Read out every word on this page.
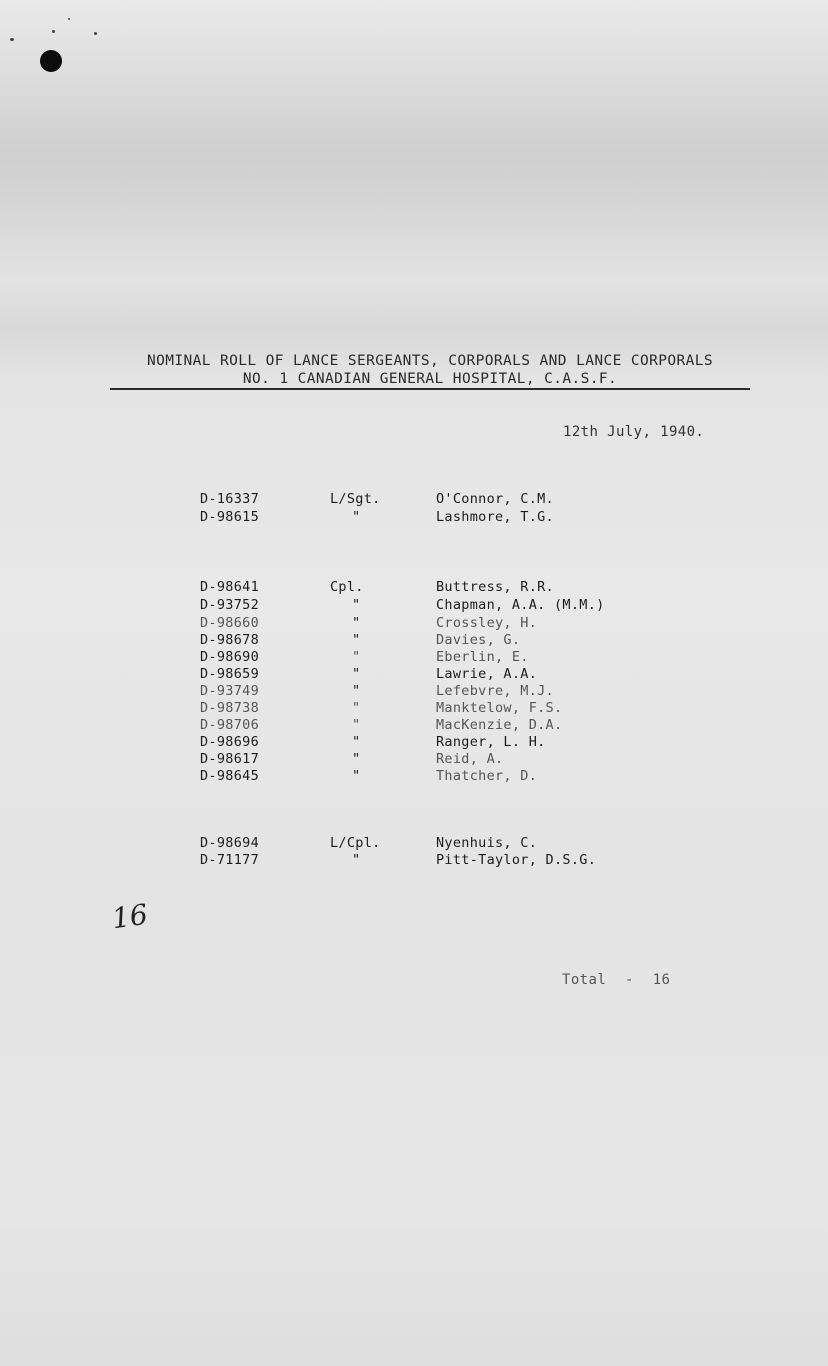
NOMINAL ROLL OF LANCE SERGEANTS, CORPORALS AND LANCE CORPORALS
NO. 1 CANADIAN GENERAL HOSPITAL, C.A.S.F.
12th July, 1940.
D-16337	L/Sgt.	O'Connor, C.M.
D-98615	"	Lashmore, T.G.
D-98641	Cpl.	Buttress, R.R.
D-93752	"	Chapman, A.A. (M.M.)
D-98660	"	Crossley, H.
D-98678	"	Davies, G.
D-98690	"	Eberlin, E.
D-98659	"	Lawrie, A.A.
D-93749	"	Lefebvre, M.J.
D-98738	"	Manktelow, F.S.
D-98706	"	MacKenzie, D.A.
D-98696	"	Ranger, L. H.
D-98617	"	Reid, A.
D-98645	"	Thatcher, D.
D-98694	L/Cpl.	Nyenhuis, C.
D-71177	"	Pitt-Taylor, D.S.G.
16
Total - 16
